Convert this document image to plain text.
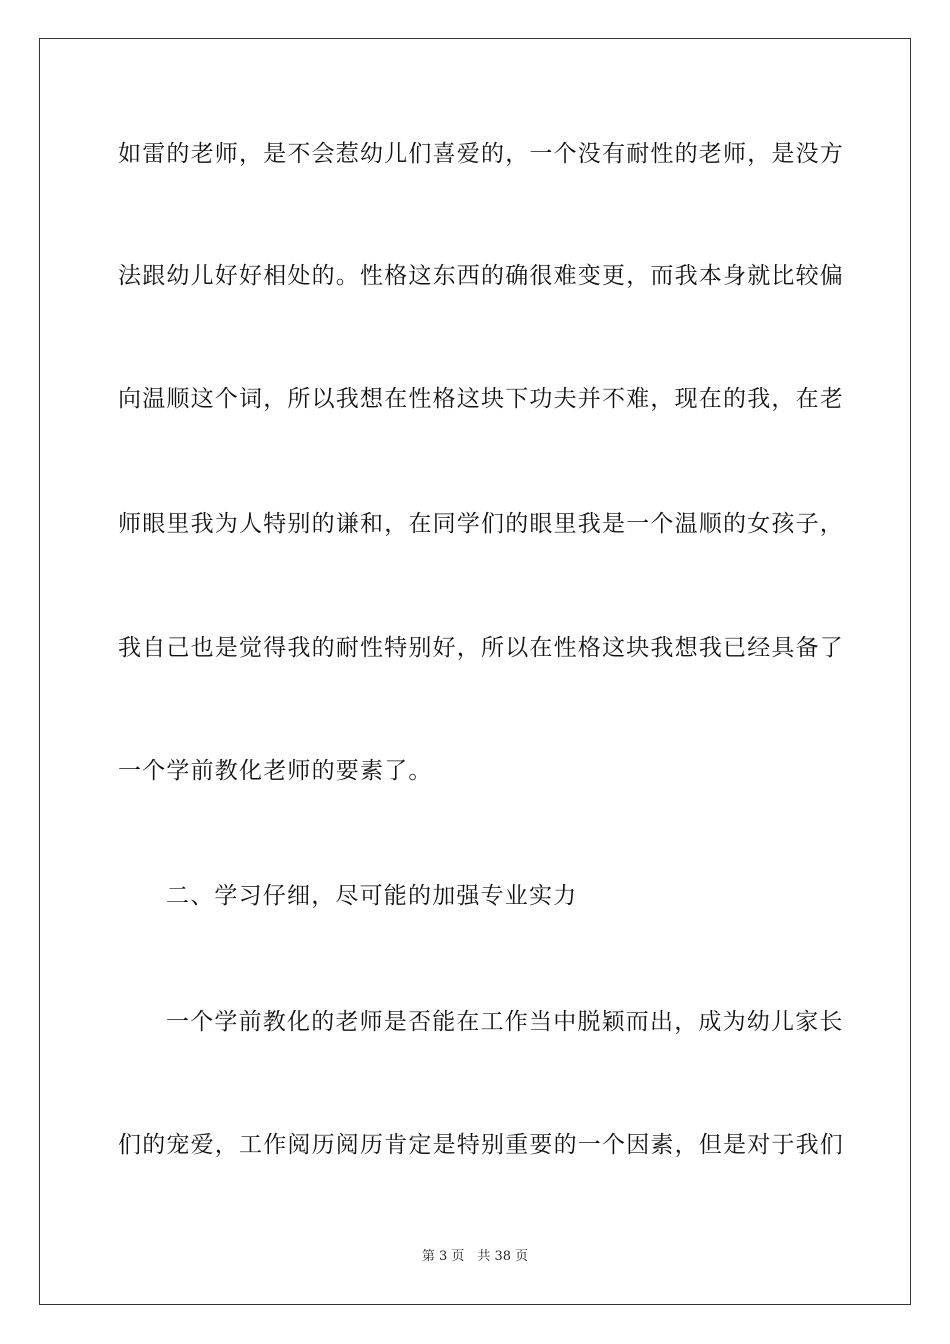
如雷的老师，是不会惹幼儿们喜爱的，一个没有耐性的老师，是没方
法跟幼儿好好相处的。性格这东西的确很难变更，而我本身就比较偏
向温顺这个词，所以我想在性格这块下功夫并不难，现在的我，在老
师眼里我为人特别的谦和，在同学们的眼里我是一个温顺的女孩子，
我自己也是觉得我的耐性特别好，所以在性格这块我想我已经具备了
一个学前教化老师的要素了。
二、学习仔细，尽可能的加强专业实力
一个学前教化的老师是否能在工作当中脱颖而出，成为幼儿家长
们的宠爱，工作阅历阅历肯定是特别重要的一个因素，但是对于我们
第 3 页　共 38 页
